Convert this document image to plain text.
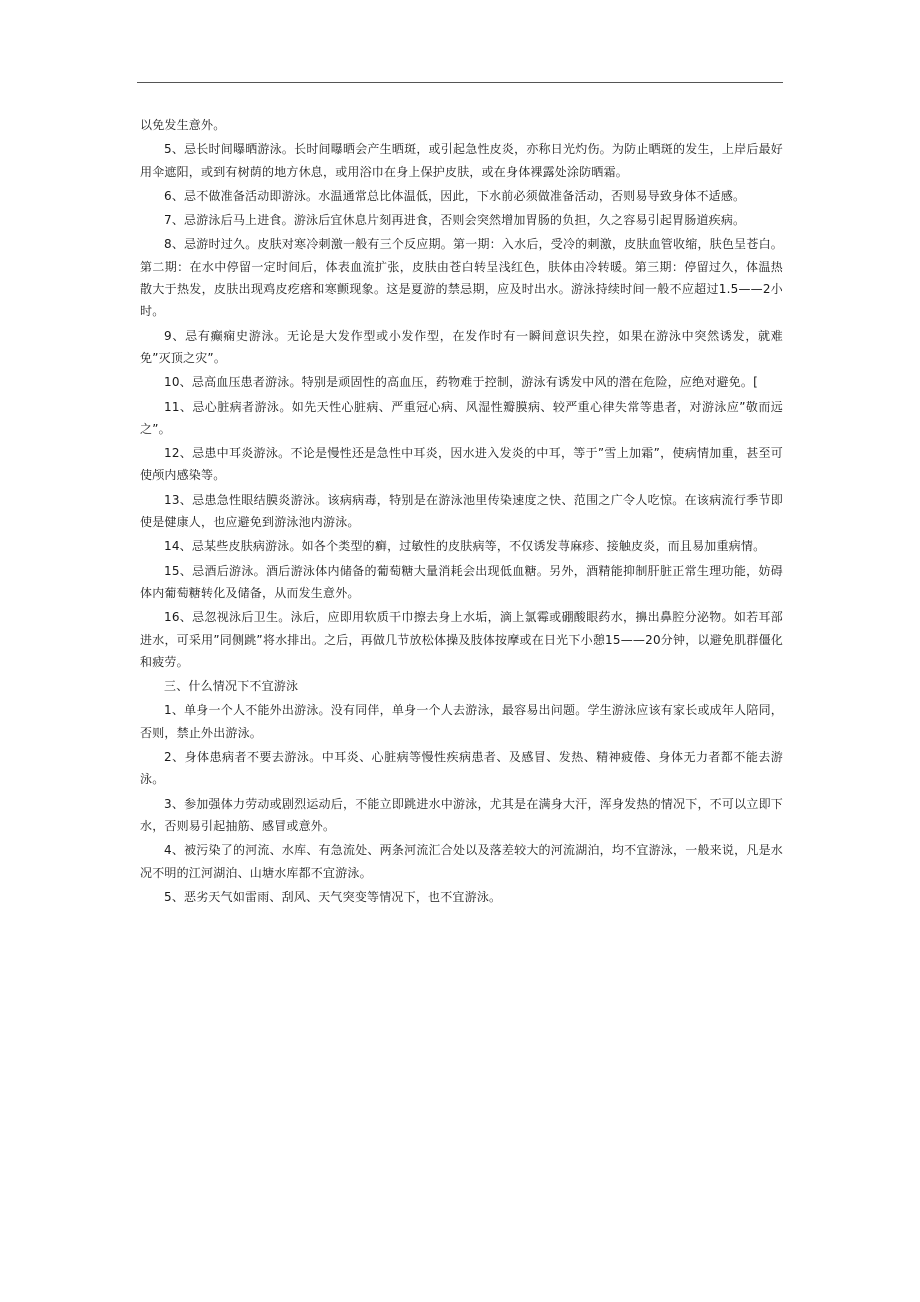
以免发生意外。

5、忌长时间曝晒游泳。长时间曝晒会产生晒斑，或引起急性皮炎，亦称日光灼伤。为防止晒斑的发生，上岸后最好用伞遮阳，或到有树荫的地方休息，或用浴巾在身上保护皮肤，或在身体裸露处涂防晒霜。

6、忌不做准备活动即游泳。水温通常总比体温低，因此，下水前必须做准备活动，否则易导致身体不适感。

7、忌游泳后马上进食。游泳后宜休息片刻再进食，否则会突然增加胃肠的负担，久之容易引起胃肠道疾病。

8、忌游时过久。皮肤对寒冷刺激一般有三个反应期。第一期：入水后，受冷的刺激，皮肤血管收缩，肤色呈苍白。第二期：在水中停留一定时间后，体表血流扩张，皮肤由苍白转呈浅红色，肤体由冷转暖。第三期：停留过久，体温热散大于热发，皮肤出现鸡皮疙瘩和寒颤现象。这是夏游的禁忌期，应及时出水。游泳持续时间一般不应超过1.5——2小时。

9、忌有癫痫史游泳。无论是大发作型或小发作型，在发作时有一瞬间意识失控，如果在游泳中突然诱发，就难免”灭顶之灾”。

10、忌高血压患者游泳。特别是顽固性的高血压，药物难于控制，游泳有诱发中风的潜在危险，应绝对避免。[

11、忌心脏病者游泳。如先天性心脏病、严重冠心病、风湿性瓣膜病、较严重心律失常等患者，对游泳应”敬而远之”。

12、忌患中耳炎游泳。不论是慢性还是急性中耳炎，因水进入发炎的中耳，等于”雪上加霜”，使病情加重，甚至可使颅内感染等。

13、忌患急性眼结膜炎游泳。该病病毒，特别是在游泳池里传染速度之快、范围之广令人吃惊。在该病流行季节即使是健康人，也应避免到游泳池内游泳。

14、忌某些皮肤病游泳。如各个类型的癣，过敏性的皮肤病等，不仅诱发荨麻疹、接触皮炎，而且易加重病情。

15、忌酒后游泳。酒后游泳体内储备的葡萄糖大量消耗会出现低血糖。另外，酒精能抑制肝脏正常生理功能，妨碍体内葡萄糖转化及储备，从而发生意外。

16、忌忽视泳后卫生。泳后，应即用软质干巾擦去身上水垢，滴上氯霉或硼酸眼药水，擤出鼻腔分泌物。如若耳部进水，可采用”同侧跳”将水排出。之后，再做几节放松体操及肢体按摩或在日光下小憩15——20分钟，以避免肌群僵化和疲劳。

三、什么情况下不宜游泳

1、单身一个人不能外出游泳。没有同伴，单身一个人去游泳，最容易出问题。学生游泳应该有家长或成年人陪同，否则，禁止外出游泳。

2、身体患病者不要去游泳。中耳炎、心脏病等慢性疾病患者、及感冒、发热、精神疲倦、身体无力者都不能去游泳。

3、参加强体力劳动或剧烈运动后，不能立即跳进水中游泳，尤其是在满身大汗，浑身发热的情况下，不可以立即下水，否则易引起抽筋、感冒或意外。

4、被污染了的河流、水库、有急流处、两条河流汇合处以及落差较大的河流湖泊，均不宜游泳，一般来说，凡是水况不明的江河湖泊、山塘水库都不宜游泳。

5、恶劣天气如雷雨、刮风、天气突变等情况下，也不宜游泳。
